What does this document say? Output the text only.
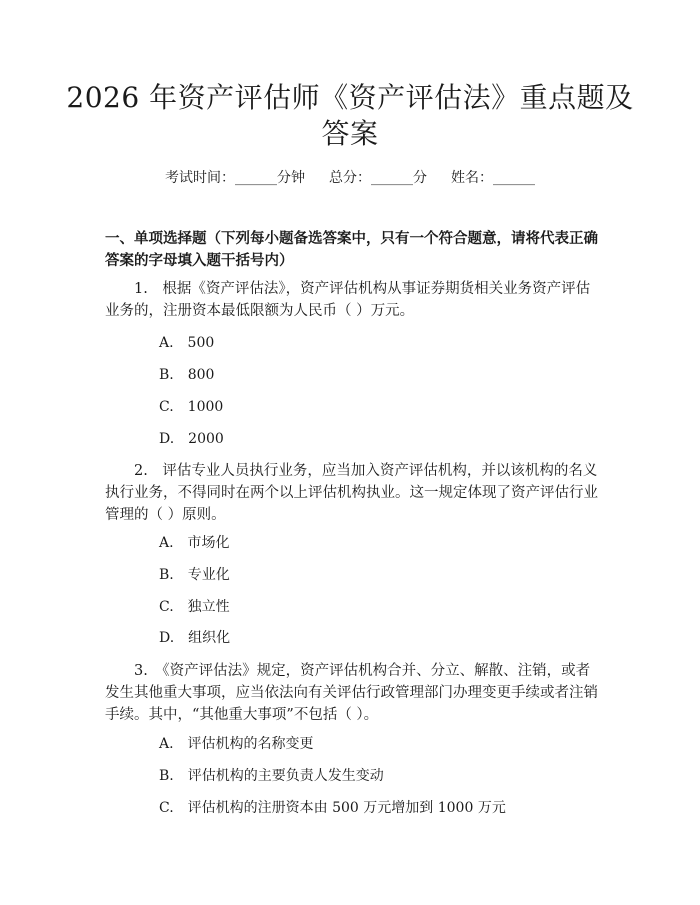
2026 年资产评估师《资产评估法》重点题及答案
考试时间：______分钟 总分：______分 姓名：______

一、单项选择题（下列每小题备选答案中，只有一个符合题意，请将代表正确答案的字母填入题干括号内）

1.　根据《资产评估法》，资产评估机构从事证券期货相关业务资产评估业务的，注册资本最低限额为人民币（ ）万元。

A.　500

B.　800

C.　1000

D.　2000

2.　评估专业人员执行业务，应当加入资产评估机构，并以该机构的名义执行业务，不得同时在两个以上评估机构执业。这一规定体现了资产评估行业管理的（ ）原则。

A.　市场化

B.　专业化

C.　独立性

D.　组织化

3.　《资产评估法》规定，资产评估机构合并、分立、解散、注销，或者发生其他重大事项，应当依法向有关评估行政管理部门办理变更手续或者注销手续。其中，“其他重大事项”不包括（ ）。

A.　评估机构的名称变更

B.　评估机构的主要负责人发生变动

C.　评估机构的注册资本由 500 万元增加到 1000 万元
